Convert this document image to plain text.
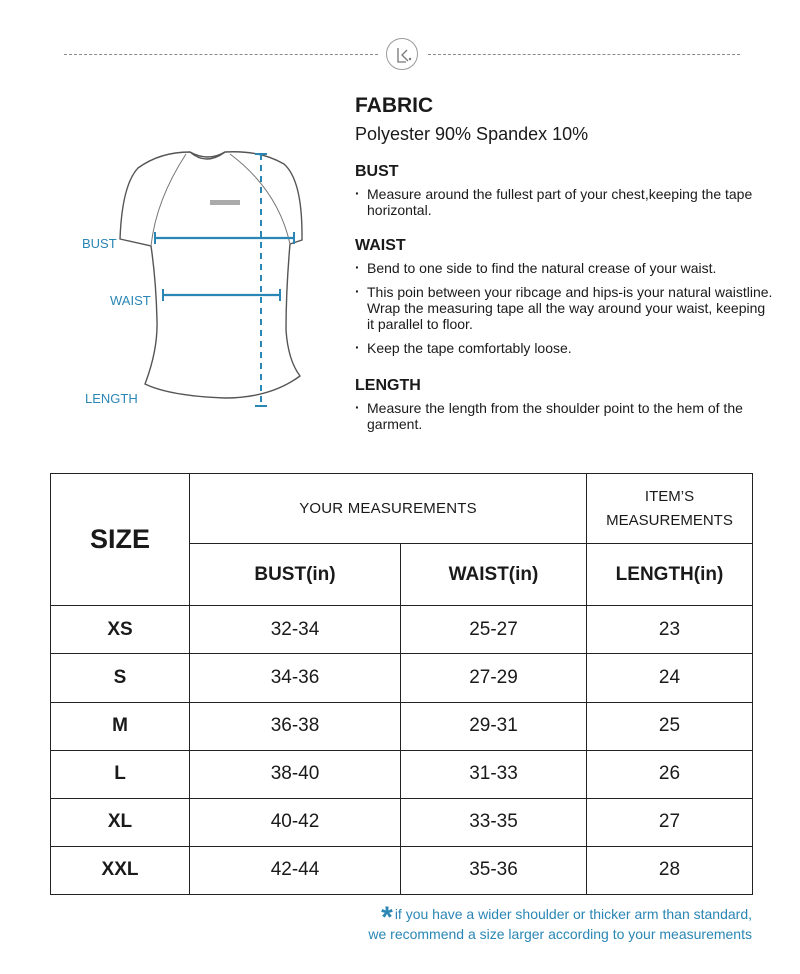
BUST
WAIST
LENGTH
FABRIC

Polyester 90% Spandex 10%

BUST
· Measure around the fullest part of your chest,keeping the tape horizontal.
WAIST
· Bend to one side to find the natural crease of your waist.
· This poin between your ribcage and hips-is your natural waistline. Wrap the measuring tape all the way around your waist, keeping it parallel to floor.
· Keep the tape comfortably loose.
LENGTH
· Measure the length from the shoulder point to the hem of the garment.
SIZE	YOUR MEASUREMENTS		ITEM’S
MEASUREMENTS
	BUST(in)	WAIST(in)	LENGTH(in)
XS	32-34	25-27	23
S	34-36	27-29	24
M	36-38	29-31	25
L	38-40	31-33	26
XL	40-42	33-35	27
XXL	42-44	35-36	28
* if you have a wider shoulder or thicker arm than standard,
we recommend a size larger according to your measurements
